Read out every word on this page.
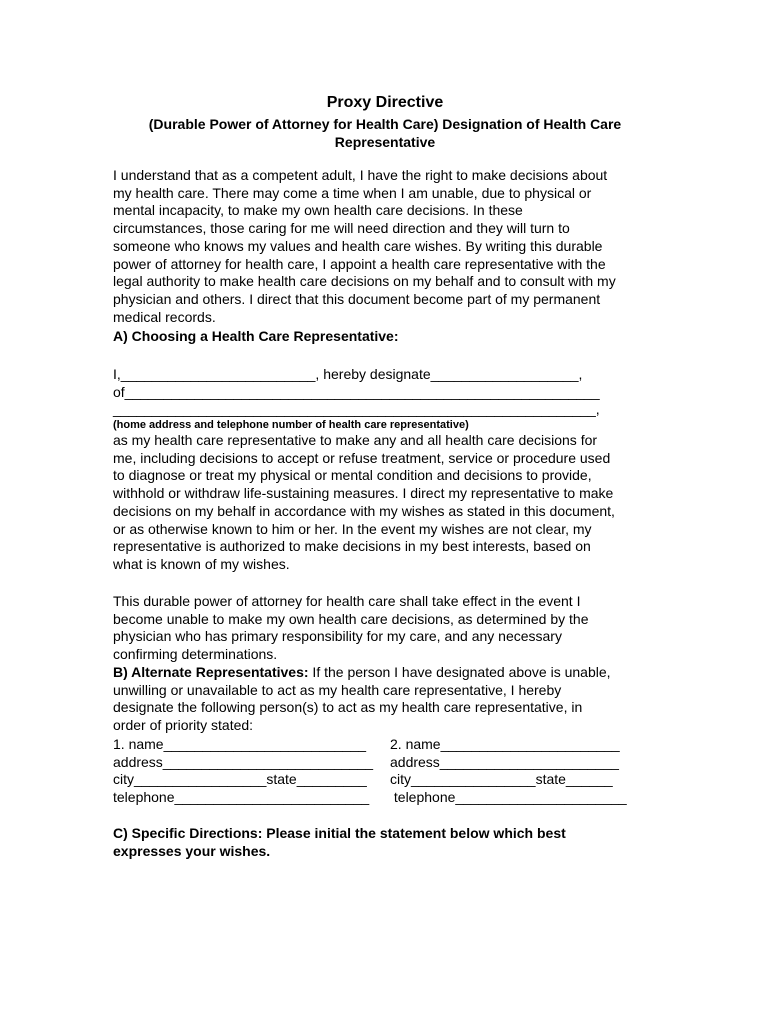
Proxy Directive
(Durable Power of Attorney for Health Care) Designation of Health Care
Representative
I understand that as a competent adult, I have the right to make decisions about
my health care. There may come a time when I am unable, due to physical or
mental incapacity, to make my own health care decisions. In these
circumstances, those caring for me will need direction and they will turn to
someone who knows my values and health care wishes. By writing this durable
power of attorney for health care, I appoint a health care representative with the
legal authority to make health care decisions on my behalf and to consult with my
physician and others. I direct that this document become part of my permanent
medical records.
A) Choosing a Health Care Representative:
I,_________________________, hereby designate___________________,
of_____________________________________________________________
______________________________________________________________,
(home address and telephone number of health care representative)
as my health care representative to make any and all health care decisions for
me, including decisions to accept or refuse treatment, service or procedure used
to diagnose or treat my physical or mental condition and decisions to provide,
withhold or withdraw life-sustaining measures. I direct my representative to make
decisions on my behalf in accordance with my wishes as stated in this document,
or as otherwise known to him or her. In the event my wishes are not clear, my
representative is authorized to make decisions in my best interests, based on
what is known of my wishes.
This durable power of attorney for health care shall take effect in the event I
become unable to make my own health care decisions, as determined by the
physician who has primary responsibility for my care, and any necessary
confirming determinations.
B) Alternate Representatives: If the person I have designated above is unable,
unwilling or unavailable to act as my health care representative, I hereby
designate the following person(s) to act as my health care representative, in
order of priority stated:
1. name__________________________
address___________________________
city_________________state_________
telephone_________________________
2. name_______________________
address_______________________
city________________state______
telephone______________________
C) Specific Directions: Please initial the statement below which best
expresses your wishes.
